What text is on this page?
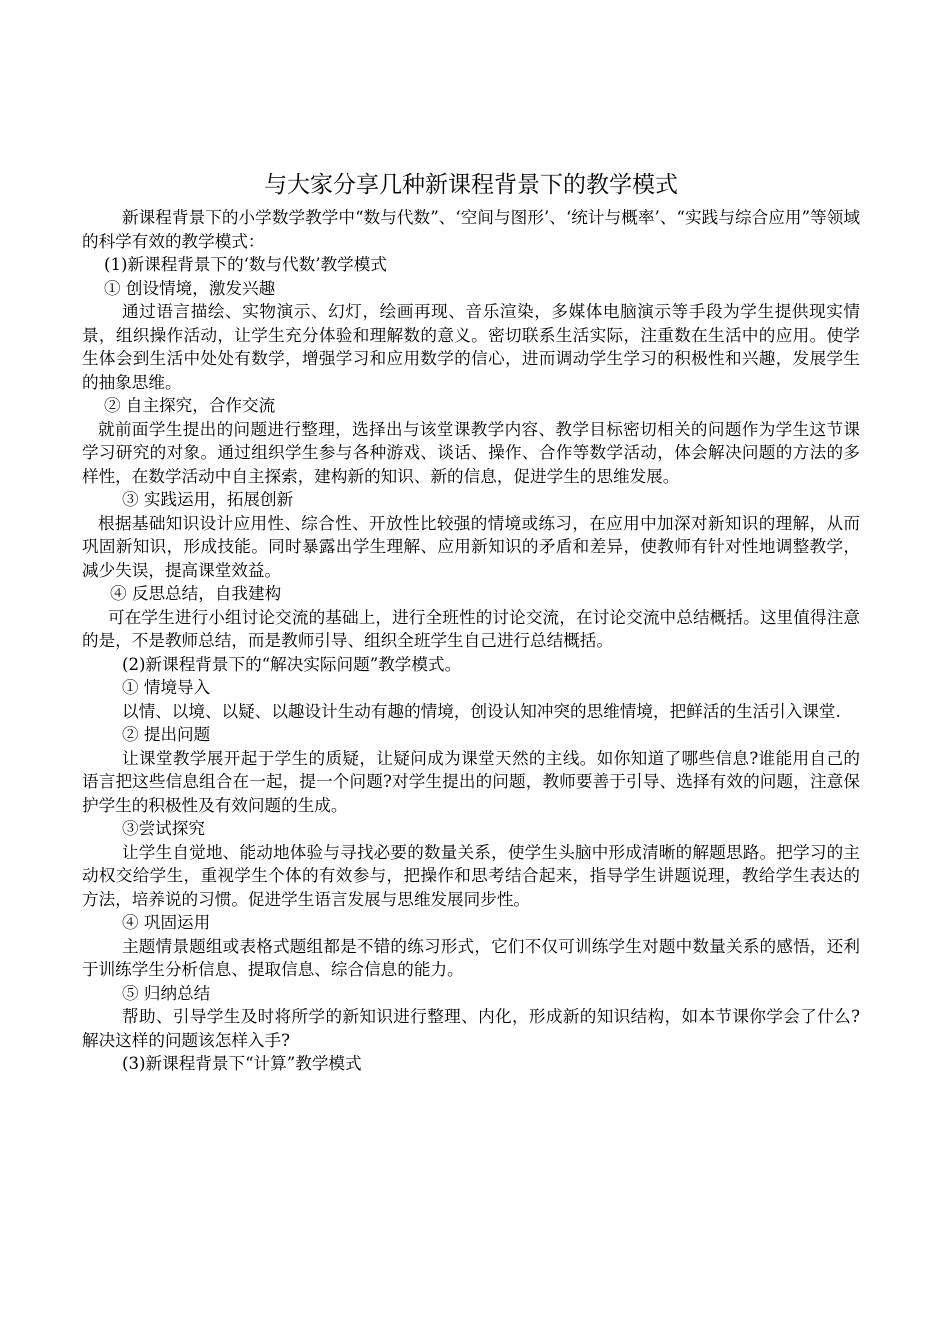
与大家分享几种新课程背景下的教学模式

新课程背景下的小学数学教学中“数与代数”、‘空间与图形’、‘统计与概率’、“实践与综合应用”等领域的科学有效的教学模式：

(1)新课程背景下的‘数与代数’教学模式

① 创设情境，激发兴趣

通过语言描绘、实物演示、幻灯，绘画再现、音乐渲染，多媒体电脑演示等手段为学生提供现实情景，组织操作活动，让学生充分体验和理解数的意义。密切联系生活实际，注重数在生活中的应用。使学生体会到生活中处处有数学，增强学习和应用数学的信心，进而调动学生学习的积极性和兴趣，发展学生的抽象思维。

② 自主探究，合作交流

就前面学生提出的问题进行整理，选择出与该堂课教学内容、教学目标密切相关的问题作为学生这节课学习研究的对象。通过组织学生参与各种游戏、谈话、操作、合作等数学活动，体会解决问题的方法的多样性，在数学活动中自主探索，建构新的知识、新的信息，促进学生的思维发展。

③ 实践运用，拓展创新

根据基础知识设计应用性、综合性、开放性比较强的情境或练习，在应用中加深对新知识的理解，从而巩固新知识，形成技能。同时暴露出学生理解、应用新知识的矛盾和差异，使教师有针对性地调整教学，减少失误，提高课堂效益。

④ 反思总结，自我建构

可在学生进行小组讨论交流的基础上，进行全班性的讨论交流，在讨论交流中总结概括。这里值得注意的是，不是教师总结，而是教师引导、组织全班学生自己进行总结概括。

(2)新课程背景下的“解决实际问题”教学模式。

① 情境导入

以情、以境、以疑、以趣设计生动有趣的情境，创设认知冲突的思维情境，把鲜活的生活引入课堂.

② 提出问题

让课堂教学展开起于学生的质疑，让疑问成为课堂天然的主线。如你知道了哪些信息?谁能用自己的语言把这些信息组合在一起，提一个问题?对学生提出的问题，教师要善于引导、选择有效的问题，注意保护学生的积极性及有效问题的生成。

③尝试探究

让学生自觉地、能动地体验与寻找必要的数量关系，使学生头脑中形成清晰的解题思路。把学习的主动权交给学生，重视学生个体的有效参与，把操作和思考结合起来，指导学生讲题说理，教给学生表达的方法，培养说的习惯。促进学生语言发展与思维发展同步性。

④ 巩固运用

主题情景题组或表格式题组都是不错的练习形式，它们不仅可训练学生对题中数量关系的感悟，还利于训练学生分析信息、提取信息、综合信息的能力。

⑤ 归纳总结

帮助、引导学生及时将所学的新知识进行整理、内化，形成新的知识结构，如本节课你学会了什么?解决这样的问题该怎样入手?

(3)新课程背景下“计算”教学模式
